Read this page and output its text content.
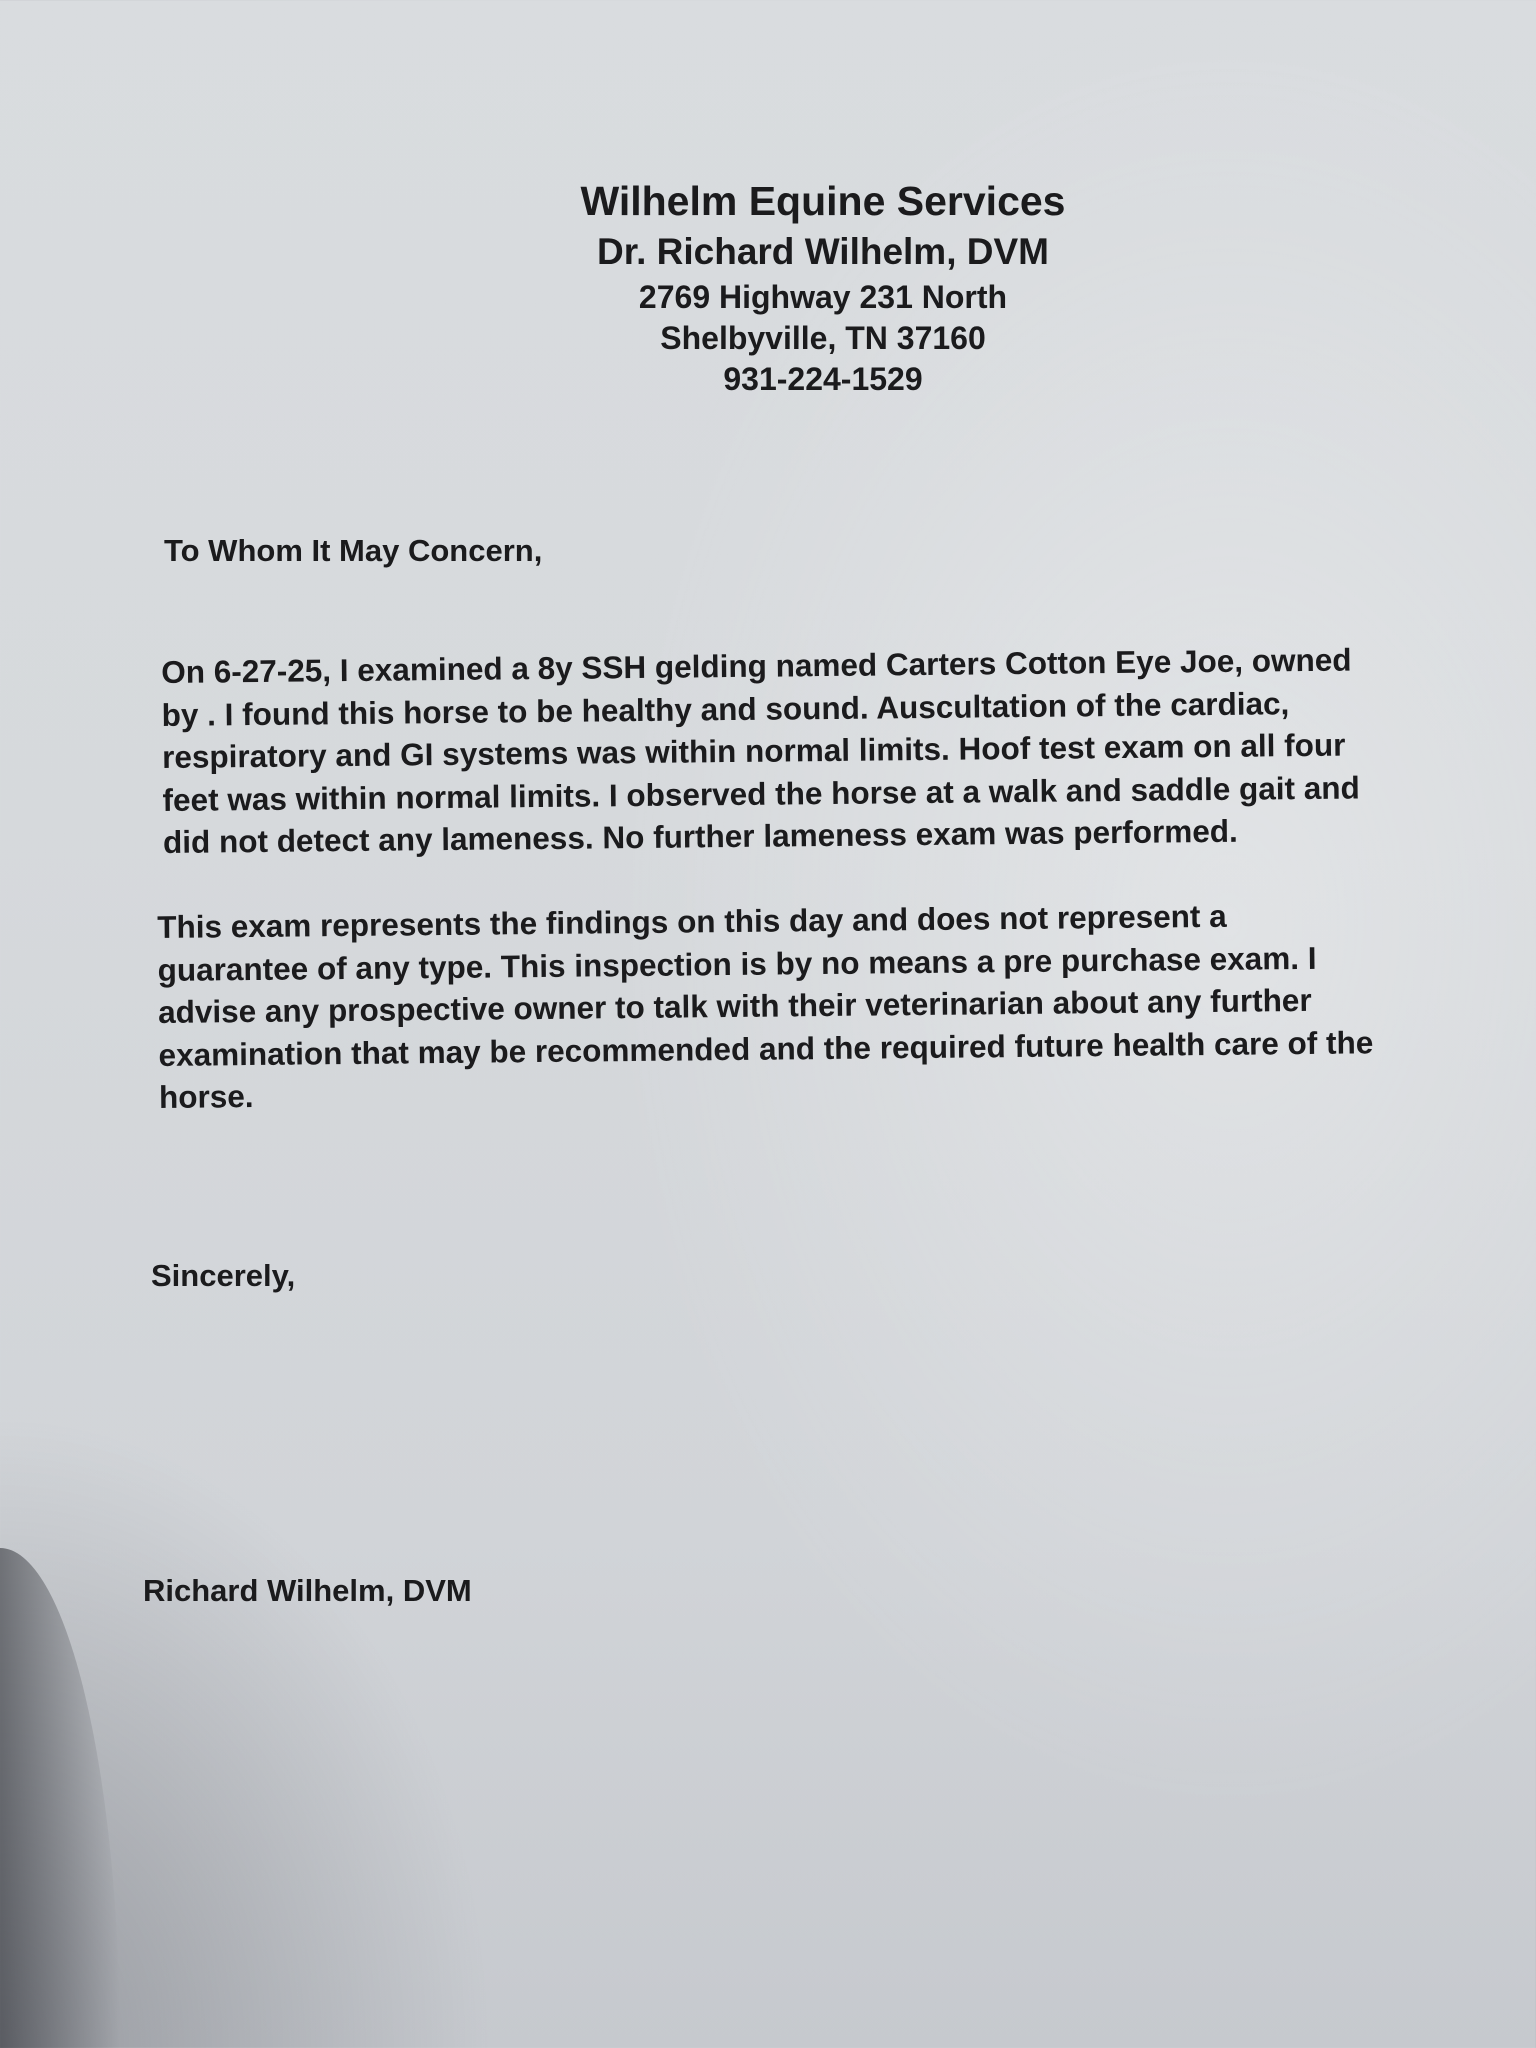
Wilhelm Equine Services
Dr. Richard Wilhelm, DVM
2769 Highway 231 North
Shelbyville, TN 37160
931-224-1529
To Whom It May Concern,
On 6-27-25, I examined a 8y SSH gelding named Carters Cotton Eye Joe, owned
by . I found this horse to be healthy and sound. Auscultation of the cardiac,
respiratory and GI systems was within normal limits. Hoof test exam on all four
feet was within normal limits. I observed the horse at a walk and saddle gait and
did not detect any lameness. No further lameness exam was performed.
This exam represents the findings on this day and does not represent a
guarantee of any type. This inspection is by no means a pre purchase exam. I
advise any prospective owner to talk with their veterinarian about any further
examination that may be recommended and the required future health care of the
horse.
Sincerely,
Richard Wilhelm, DVM
